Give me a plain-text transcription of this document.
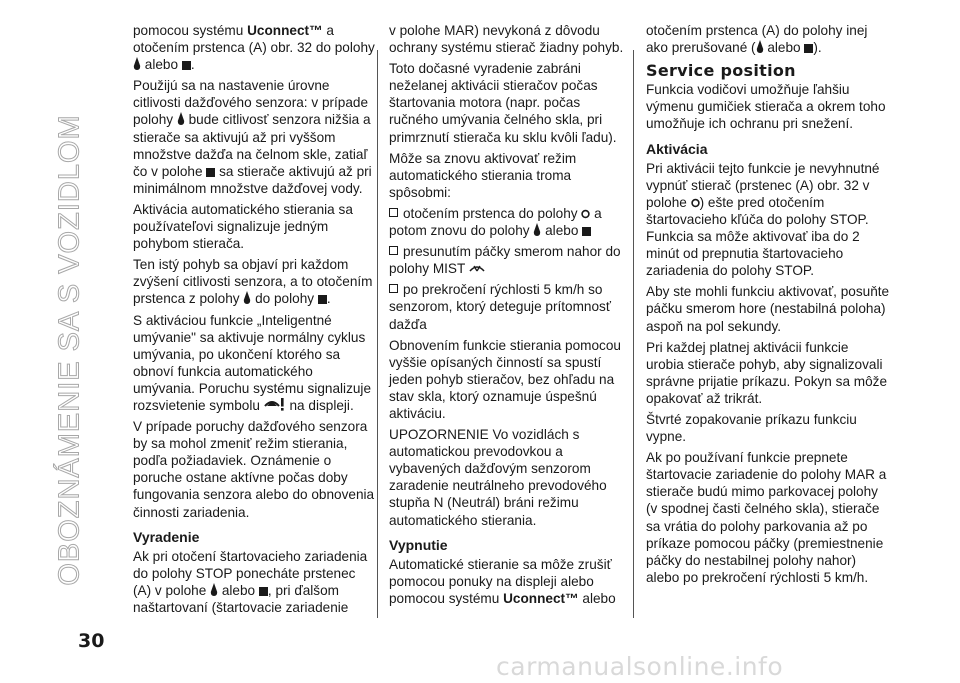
OBOZNÁMENIE SA S VOZIDLOM

pomocou systému Uconnect™ a otočením prstenca (A) obr. 32 do polohy  alebo .

Použijú sa na nastavenie úrovne citlivosti dažďového senzora: v prípade polohy  bude citlivosť senzora nižšia a stierače sa aktivujú až pri vyššom množstve dažďa na čelnom skle, zatiaľ čo v polohe  sa stierače aktivujú až pri minimálnom množstve dažďovej vody.

Aktivácia automatického stierania sa používateľovi signalizuje jedným pohybom stierača.

Ten istý pohyb sa objaví pri každom zvýšení citlivosti senzora, a to otočením prstenca z polohy  do polohy .

S aktiváciou funkcie „Inteligentné umývanie" sa aktivuje normálny cyklus umývania, po ukončení ktorého sa obnoví funkcia automatického umývania. Poruchu systému signalizuje rozsvietenie symbolu  na displeji.

V prípade poruchy dažďového senzora by sa mohol zmeniť režim stierania, podľa požiadaviek. Oznámenie o poruche ostane aktívne počas doby fungovania senzora alebo do obnovenia činnosti zariadenia.

Vyradenie

Ak pri otočení štartovacieho zariadenia do polohy STOP ponecháte prstenec (A) v polohe  alebo , pri ďalšom naštartovaní (štartovacie zariadenie

v polohe MAR) nevykoná z dôvodu ochrany systému stierač žiadny pohyb.

Toto dočasné vyradenie zabráni neželanej aktivácii stieračov počas štartovania motora (napr. počas ručného umývania čelného skla, pri primrznutí stierača ku sklu kvôli ľadu).

Môže sa znovu aktivovať režim automatického stierania troma spôsobmi:

otočením prstenca do polohy  a potom znovu do polohy  alebo

presunutím páčky smerom nahor do polohy MIST

po prekročení rýchlosti 5 km/h so senzorom, ktorý deteguje prítomnosť dažďa

Obnovením funkcie stierania pomocou vyššie opísaných činností sa spustí jeden pohyb stieračov, bez ohľadu na stav skla, ktorý oznamuje úspešnú aktiváciu.

UPOZORNENIE Vo vozidlách s automatickou prevodovkou a vybavených dažďovým senzorom zaradenie neutrálneho prevodového stupňa N (Neutrál) bráni režimu automatického stierania.

Vypnutie

Automatické stieranie sa môže zrušiť pomocou ponuky na displeji alebo pomocou systému Uconnect™ alebo

otočením prstenca (A) do polohy inej ako prerušované ( alebo ).

Service position

Funkcia vodičovi umožňuje ľahšiu výmenu gumičiek stierača a okrem toho umožňuje ich ochranu pri snežení.

Aktivácia

Pri aktivácii tejto funkcie je nevyhnutné vypnúť stierač (prstenec (A) obr. 32 v polohe ) ešte pred otočením štartovacieho kľúča do polohy STOP. Funkcia sa môže aktivovať iba do 2 minút od prepnutia štartovacieho zariadenia do polohy STOP.

Aby ste mohli funkciu aktivovať, posuňte páčku smerom hore (nestabilná poloha) aspoň na pol sekundy.

Pri každej platnej aktivácii funkcie urobia stierače pohyb, aby signalizovali správne prijatie príkazu. Pokyn sa môže opakovať až trikrát.

Štvrté zopakovanie príkazu funkciu vypne.

Ak po používaní funkcie prepnete štartovacie zariadenie do polohy MAR a stierače budú mimo parkovacej polohy (v spodnej časti čelného skla), stierače sa vrátia do polohy parkovania až po príkaze pomocou páčky (premiestnenie páčky do nestabilnej polohy nahor) alebo po prekročení rýchlosti 5 km/h.

30
carmanualsonline.info
